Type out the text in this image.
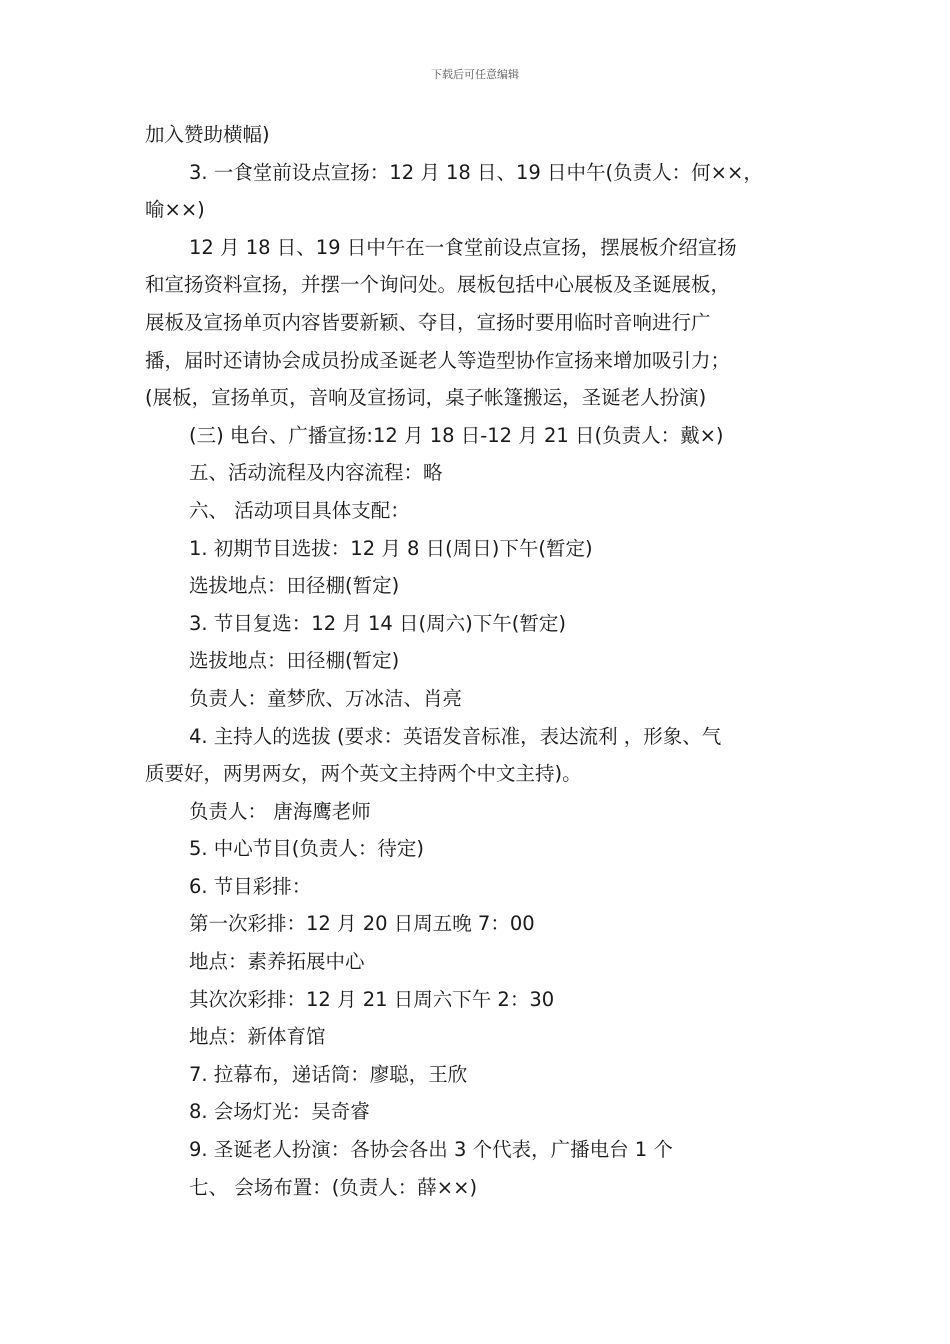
下载后可任意编辑

加入赞助横幅)

3. 一食堂前设点宣扬：12 月 18 日、19 日中午(负责人：何××，

喻××)

12 月 18 日、19 日中午在一食堂前设点宣扬，摆展板介绍宣扬

和宣扬资料宣扬，并摆一个询问处。展板包括中心展板及圣诞展板，

展板及宣扬单页内容皆要新颖、夺目，宣扬时要用临时音响进行广

播，届时还请协会成员扮成圣诞老人等造型协作宣扬来增加吸引力；

(展板，宣扬单页，音响及宣扬词，桌子帐篷搬运，圣诞老人扮演)

(三) 电台、广播宣扬:12 月 18 日-12 月 21 日(负责人：戴×)

五、活动流程及内容流程：略

六、 活动项目具体支配：

1. 初期节目选拔：12 月 8 日(周日)下午(暂定)

选拔地点：田径棚(暂定)

3. 节目复选：12 月 14 日(周六)下午(暂定)

选拔地点：田径棚(暂定)

负责人：童梦欣、万冰洁、肖亮

4. 主持人的选拔 (要求：英语发音标准，表达流利 ，形象、气

质要好，两男两女，两个英文主持两个中文主持)。

负责人： 唐海鹰老师

5. 中心节目(负责人：待定)

6. 节目彩排：

第一次彩排：12 月 20 日周五晚 7：00

地点：素养拓展中心

其次次彩排：12 月 21 日周六下午 2：30

地点：新体育馆

7. 拉幕布，递话筒：廖聪，王欣

8. 会场灯光：吴奇睿

9. 圣诞老人扮演：各协会各出 3 个代表，广播电台 1 个

七、 会场布置：(负责人：薛××)
